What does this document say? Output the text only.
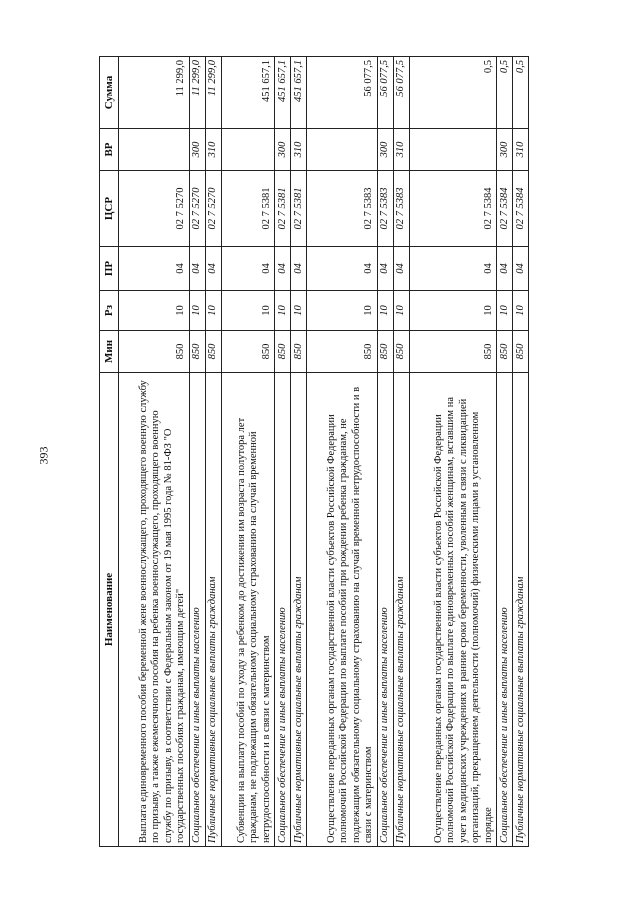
393
Наименование	Мин	Рз	ПР	ЦСР	ВР	Сумма
Выплата единовременного пособия беременной жене военнослужащего, проходящего военную службу по призыву, а также ежемесячного пособия на ребенка военнослужащего, проходящего военную службу по призыву, в соответствии с Федеральным законом от 19 мая 1995 года № 81-ФЗ "О государственных пособиях гражданам, имеющим детей"	850	10	04	02 7 5270		11 299,0
Социальное обеспечение и иные выплаты населению	850	10	04	02 7 5270	300	11 299,0
Публичные нормативные социальные выплаты гражданам	850	10	04	02 7 5270	310	11 299,0
Субвенции на выплату пособий по уходу за ребенком до достижения им возраста полутора лет гражданам, не подлежащим обязательному социальному страхованию на случай временной нетрудоспособности и в связи с материнством	850	10	04	02 7 5381		451 657,1
Социальное обеспечение и иные выплаты населению	850	10	04	02 7 5381	300	451 657,1
Публичные нормативные социальные выплаты гражданам	850	10	04	02 7 5381	310	451 657,1
Осуществление переданных органам государственной власти субъектов Российской Федерации полномочий Российской Федерации по выплате пособий при рождении ребенка гражданам, не подлежащим обязательному социальному страхованию на случай временной нетрудоспособности и в связи с материнством	850	10	04	02 7 5383		56 077,5
Социальное обеспечение и иные выплаты населению	850	10	04	02 7 5383	300	56 077,5
Публичные нормативные социальные выплаты гражданам	850	10	04	02 7 5383	310	56 077,5
Осуществление переданных органам государственной власти субъектов Российской Федерации полномочий Российской Федерации по выплате единовременных пособий женщинам, вставшим на учет в медицинских учреждениях в ранние сроки беременности, уволенным в связи с ликвидацией организаций, прекращением деятельности (полномочий) физическими лицами в установленном порядке	850	10	04	02 7 5384		0,5
Социальное обеспечение и иные выплаты населению	850	10	04	02 7 5384	300	0,5
Публичные нормативные социальные выплаты гражданам	850	10	04	02 7 5384	310	0,5
